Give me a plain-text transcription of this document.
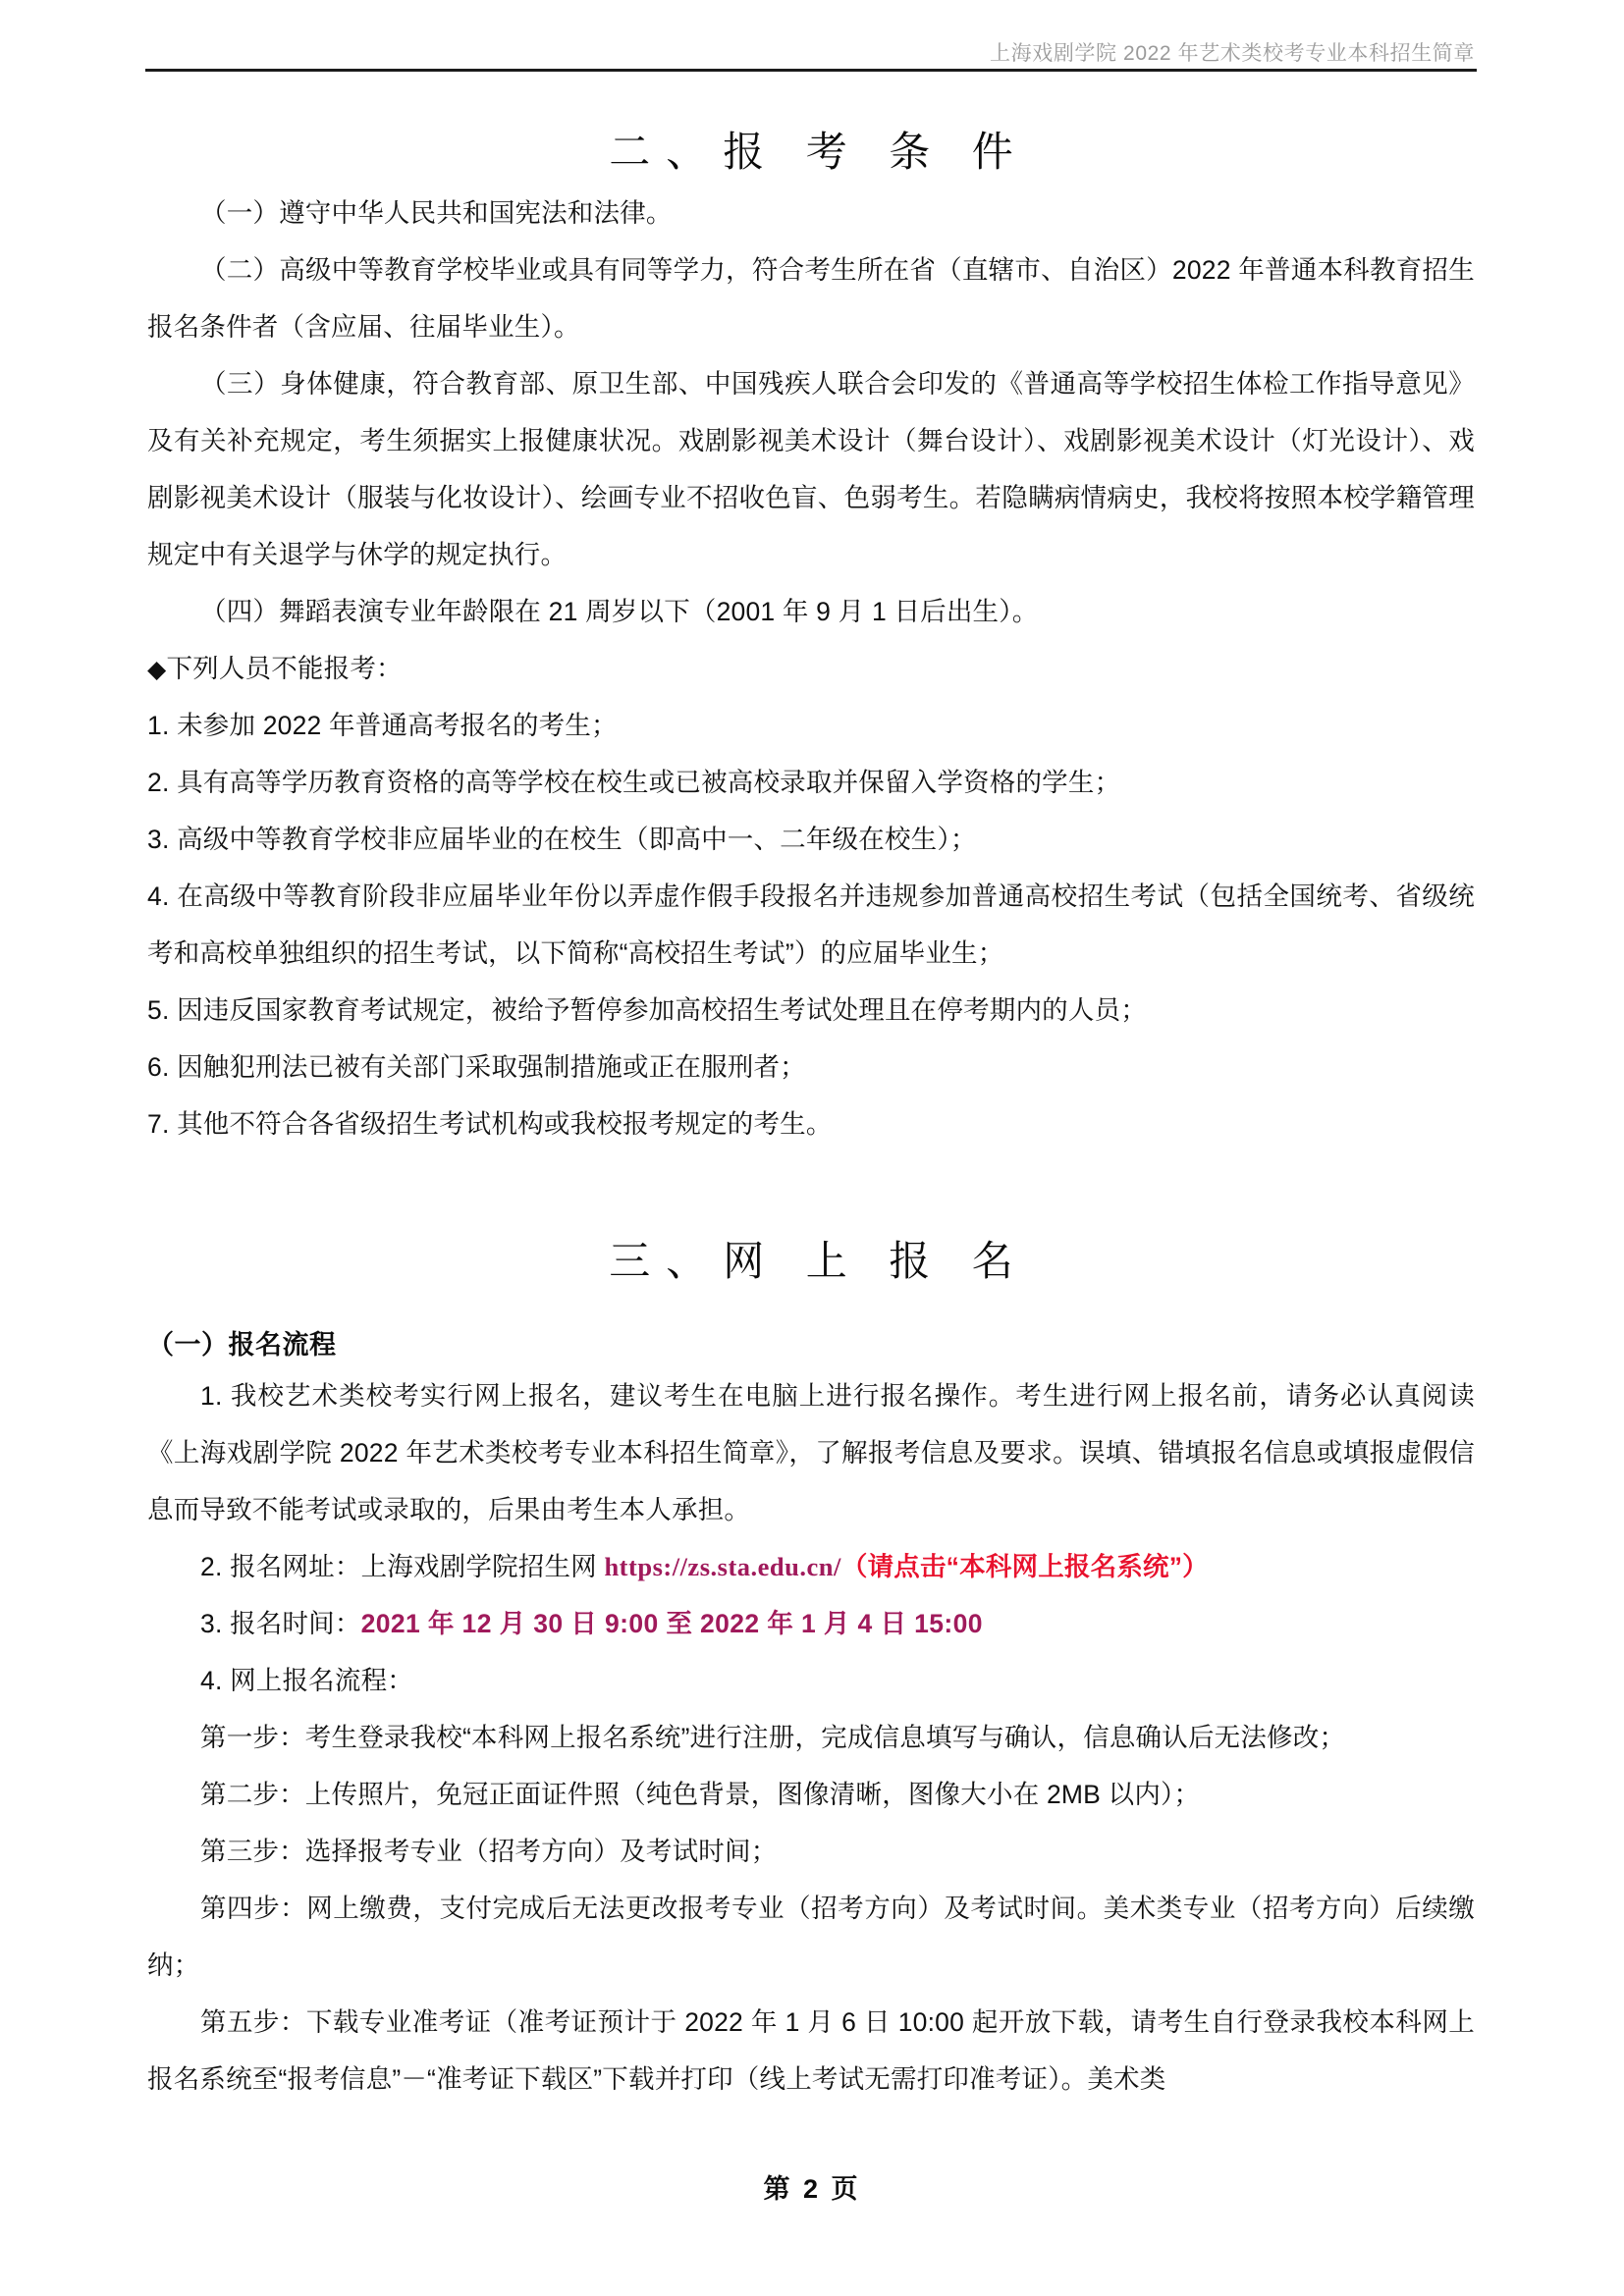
上海戏剧学院 2022 年艺术类校考专业本科招生简章
二、报 考 条 件

（一）遵守中华人民共和国宪法和法律。

（二）高级中等教育学校毕业或具有同等学力，符合考生所在省（直辖市、自治区）2022 年普通本科教育招生报名条件者（含应届、往届毕业生）。

（三）身体健康，符合教育部、原卫生部、中国残疾人联合会印发的《普通高等学校招生体检工作指导意见》及有关补充规定，考生须据实上报健康状况。戏剧影视美术设计（舞台设计）、戏剧影视美术设计（灯光设计）、戏剧影视美术设计（服装与化妆设计）、绘画专业不招收色盲、色弱考生。若隐瞒病情病史，我校将按照本校学籍管理规定中有关退学与休学的规定执行。

（四）舞蹈表演专业年龄限在 21 周岁以下（2001 年 9 月 1 日后出生）。

◆下列人员不能报考：

1. 未参加 2022 年普通高考报名的考生；

2. 具有高等学历教育资格的高等学校在校生或已被高校录取并保留入学资格的学生；

3. 高级中等教育学校非应届毕业的在校生（即高中一、二年级在校生）；

4. 在高级中等教育阶段非应届毕业年份以弄虚作假手段报名并违规参加普通高校招生考试（包括全国统考、省级统考和高校单独组织的招生考试，以下简称“高校招生考试”）的应届毕业生；

5. 因违反国家教育考试规定，被给予暂停参加高校招生考试处理且在停考期内的人员；

6. 因触犯刑法已被有关部门采取强制措施或正在服刑者；

7. 其他不符合各省级招生考试机构或我校报考规定的考生。

三、网 上 报 名

（一）报名流程

1. 我校艺术类校考实行网上报名，建议考生在电脑上进行报名操作。考生进行网上报名前，请务必认真阅读《上海戏剧学院 2022 年艺术类校考专业本科招生简章》，了解报考信息及要求。误填、错填报名信息或填报虚假信息而导致不能考试或录取的，后果由考生本人承担。

2. 报名网址：上海戏剧学院招生网 https://zs.sta.edu.cn/（请点击“本科网上报名系统”）

3. 报名时间：2021 年 12 月 30 日 9:00 至 2022 年 1 月 4 日 15:00

4. 网上报名流程：

第一步：考生登录我校“本科网上报名系统”进行注册，完成信息填写与确认，信息确认后无法修改；

第二步：上传照片，免冠正面证件照（纯色背景，图像清晰，图像大小在 2MB 以内）；

第三步：选择报考专业（招考方向）及考试时间；

第四步：网上缴费，支付完成后无法更改报考专业（招考方向）及考试时间。美术类专业（招考方向）后续缴纳；

第五步：下载专业准考证（准考证预计于 2022 年 1 月 6 日 10:00 起开放下载，请考生自行登录我校本科网上报名系统至“报考信息”－“准考证下载区”下载并打印（线上考试无需打印准考证）。美术类

第 2 页
